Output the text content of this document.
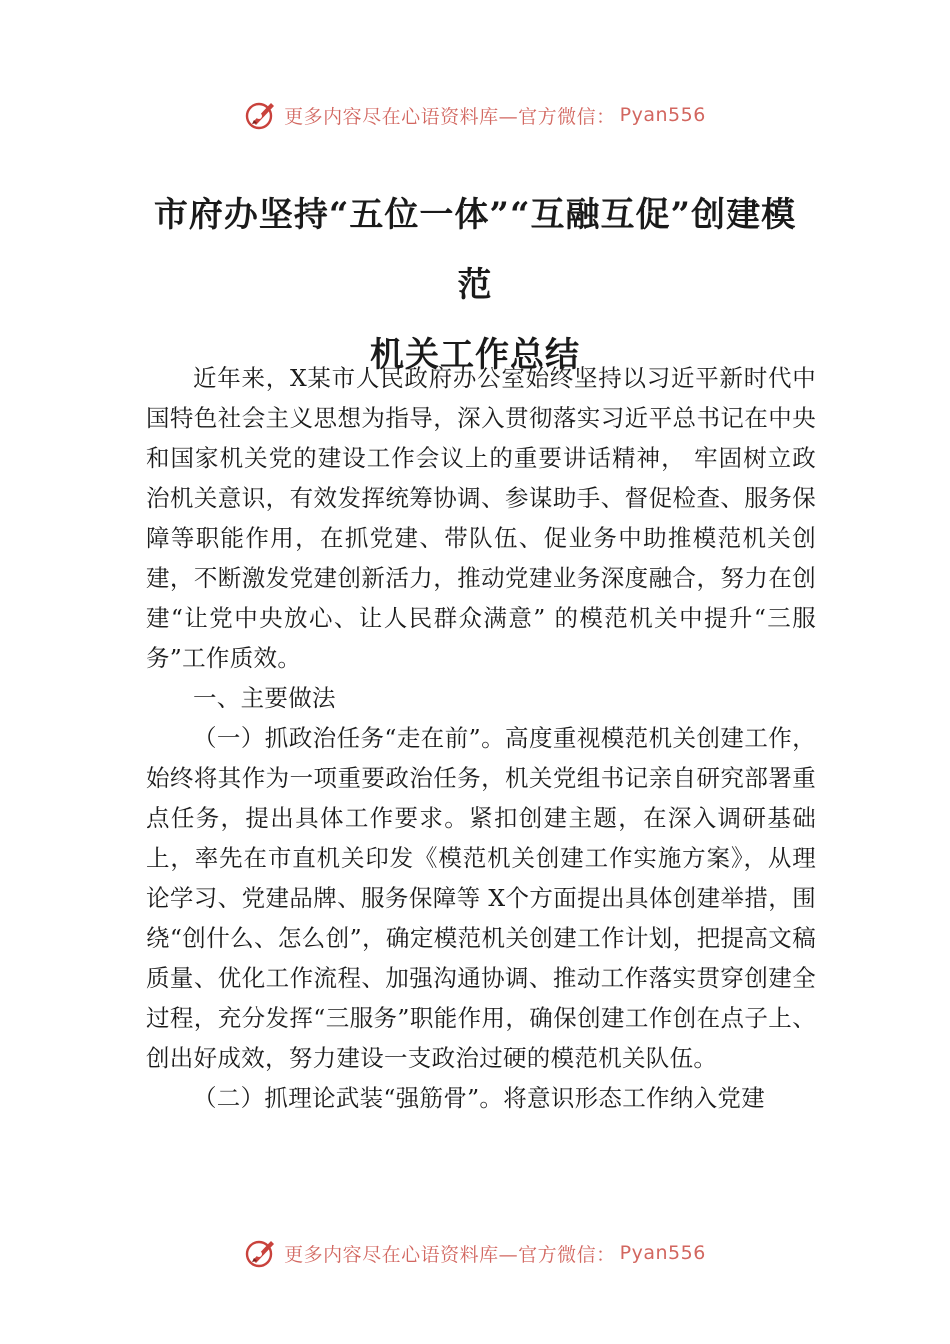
更多内容尽在心语资料库—官方微信： Pyan556
市府办坚持“五位一体”“互融互促”创建模范
机关工作总结

近年来，X某市人民政府办公室始终坚持以习近平新时代中国特色社会主义思想为指导，深入贯彻落实习近平总书记在中央和国家机关党的建设工作会议上的重要讲话精神， 牢固树立政治机关意识，有效发挥统筹协调、参谋助手、督促检查、服务保障等职能作用，在抓党建、带队伍、促业务中助推模范机关创建，不断激发党建创新活力，推动党建业务深度融合，努力在创建“让党中央放心、让人民群众满意” 的模范机关中提升“三服务”工作质效。

一、主要做法

（一）抓政治任务“走在前”。高度重视模范机关创建工作，始终将其作为一项重要政治任务，机关党组书记亲自研究部署重点任务，提出具体工作要求。紧扣创建主题，在深入调研基础上，率先在市直机关印发《模范机关创建工作实施方案》，从理论学习、党建品牌、服务保障等 X个方面提出具体创建举措，围绕“创什么、怎么创”，确定模范机关创建工作计划，把提高文稿质量、优化工作流程、加强沟通协调、推动工作落实贯穿创建全过程，充分发挥“三服务”职能作用，确保创建工作创在点子上、创出好成效，努力建设一支政治过硬的模范机关队伍。

（二）抓理论武装“强筋骨”。将意识形态工作纳入党建

更多内容尽在心语资料库—官方微信： Pyan556
